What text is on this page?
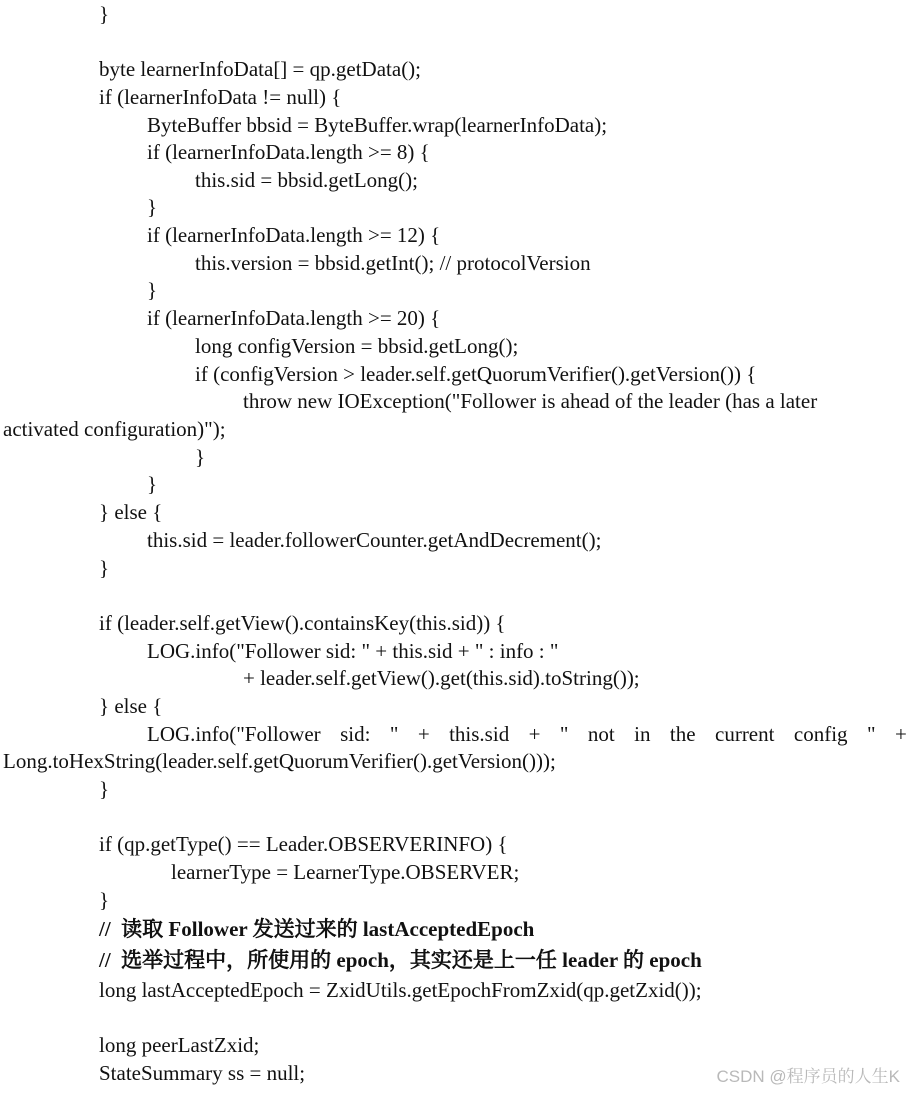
}
byte learnerInfoData[] = qp.getData();
if (learnerInfoData != null) {
ByteBuffer bbsid = ByteBuffer.wrap(learnerInfoData);
if (learnerInfoData.length >= 8) {
this.sid = bbsid.getLong();
}
if (learnerInfoData.length >= 12) {
this.version = bbsid.getInt(); // protocolVersion
}
if (learnerInfoData.length >= 20) {
long configVersion = bbsid.getLong();
if (configVersion > leader.self.getQuorumVerifier().getVersion()) {
throw new IOException("Follower is ahead of the leader (has a later
activated configuration)");
}
}
} else {
this.sid = leader.followerCounter.getAndDecrement();
}
if (leader.self.getView().containsKey(this.sid)) {
LOG.info("Follower sid: " + this.sid + " : info : "
+ leader.self.getView().get(this.sid).toString());
} else {
LOG.info("Follower sid: " + this.sid + " not in the current config " +
Long.toHexString(leader.self.getQuorumVerifier().getVersion()));
}
if (qp.getType() == Leader.OBSERVERINFO) {
learnerType = LearnerType.OBSERVER;
}
//  读取 Follower 发送过来的 lastAcceptedEpoch
//  选举过程中，所使用的 epoch，其实还是上一任 leader 的 epoch
long lastAcceptedEpoch = ZxidUtils.getEpochFromZxid(qp.getZxid());
long peerLastZxid;
StateSummary ss = null;	CSDN @程序员的人生K
